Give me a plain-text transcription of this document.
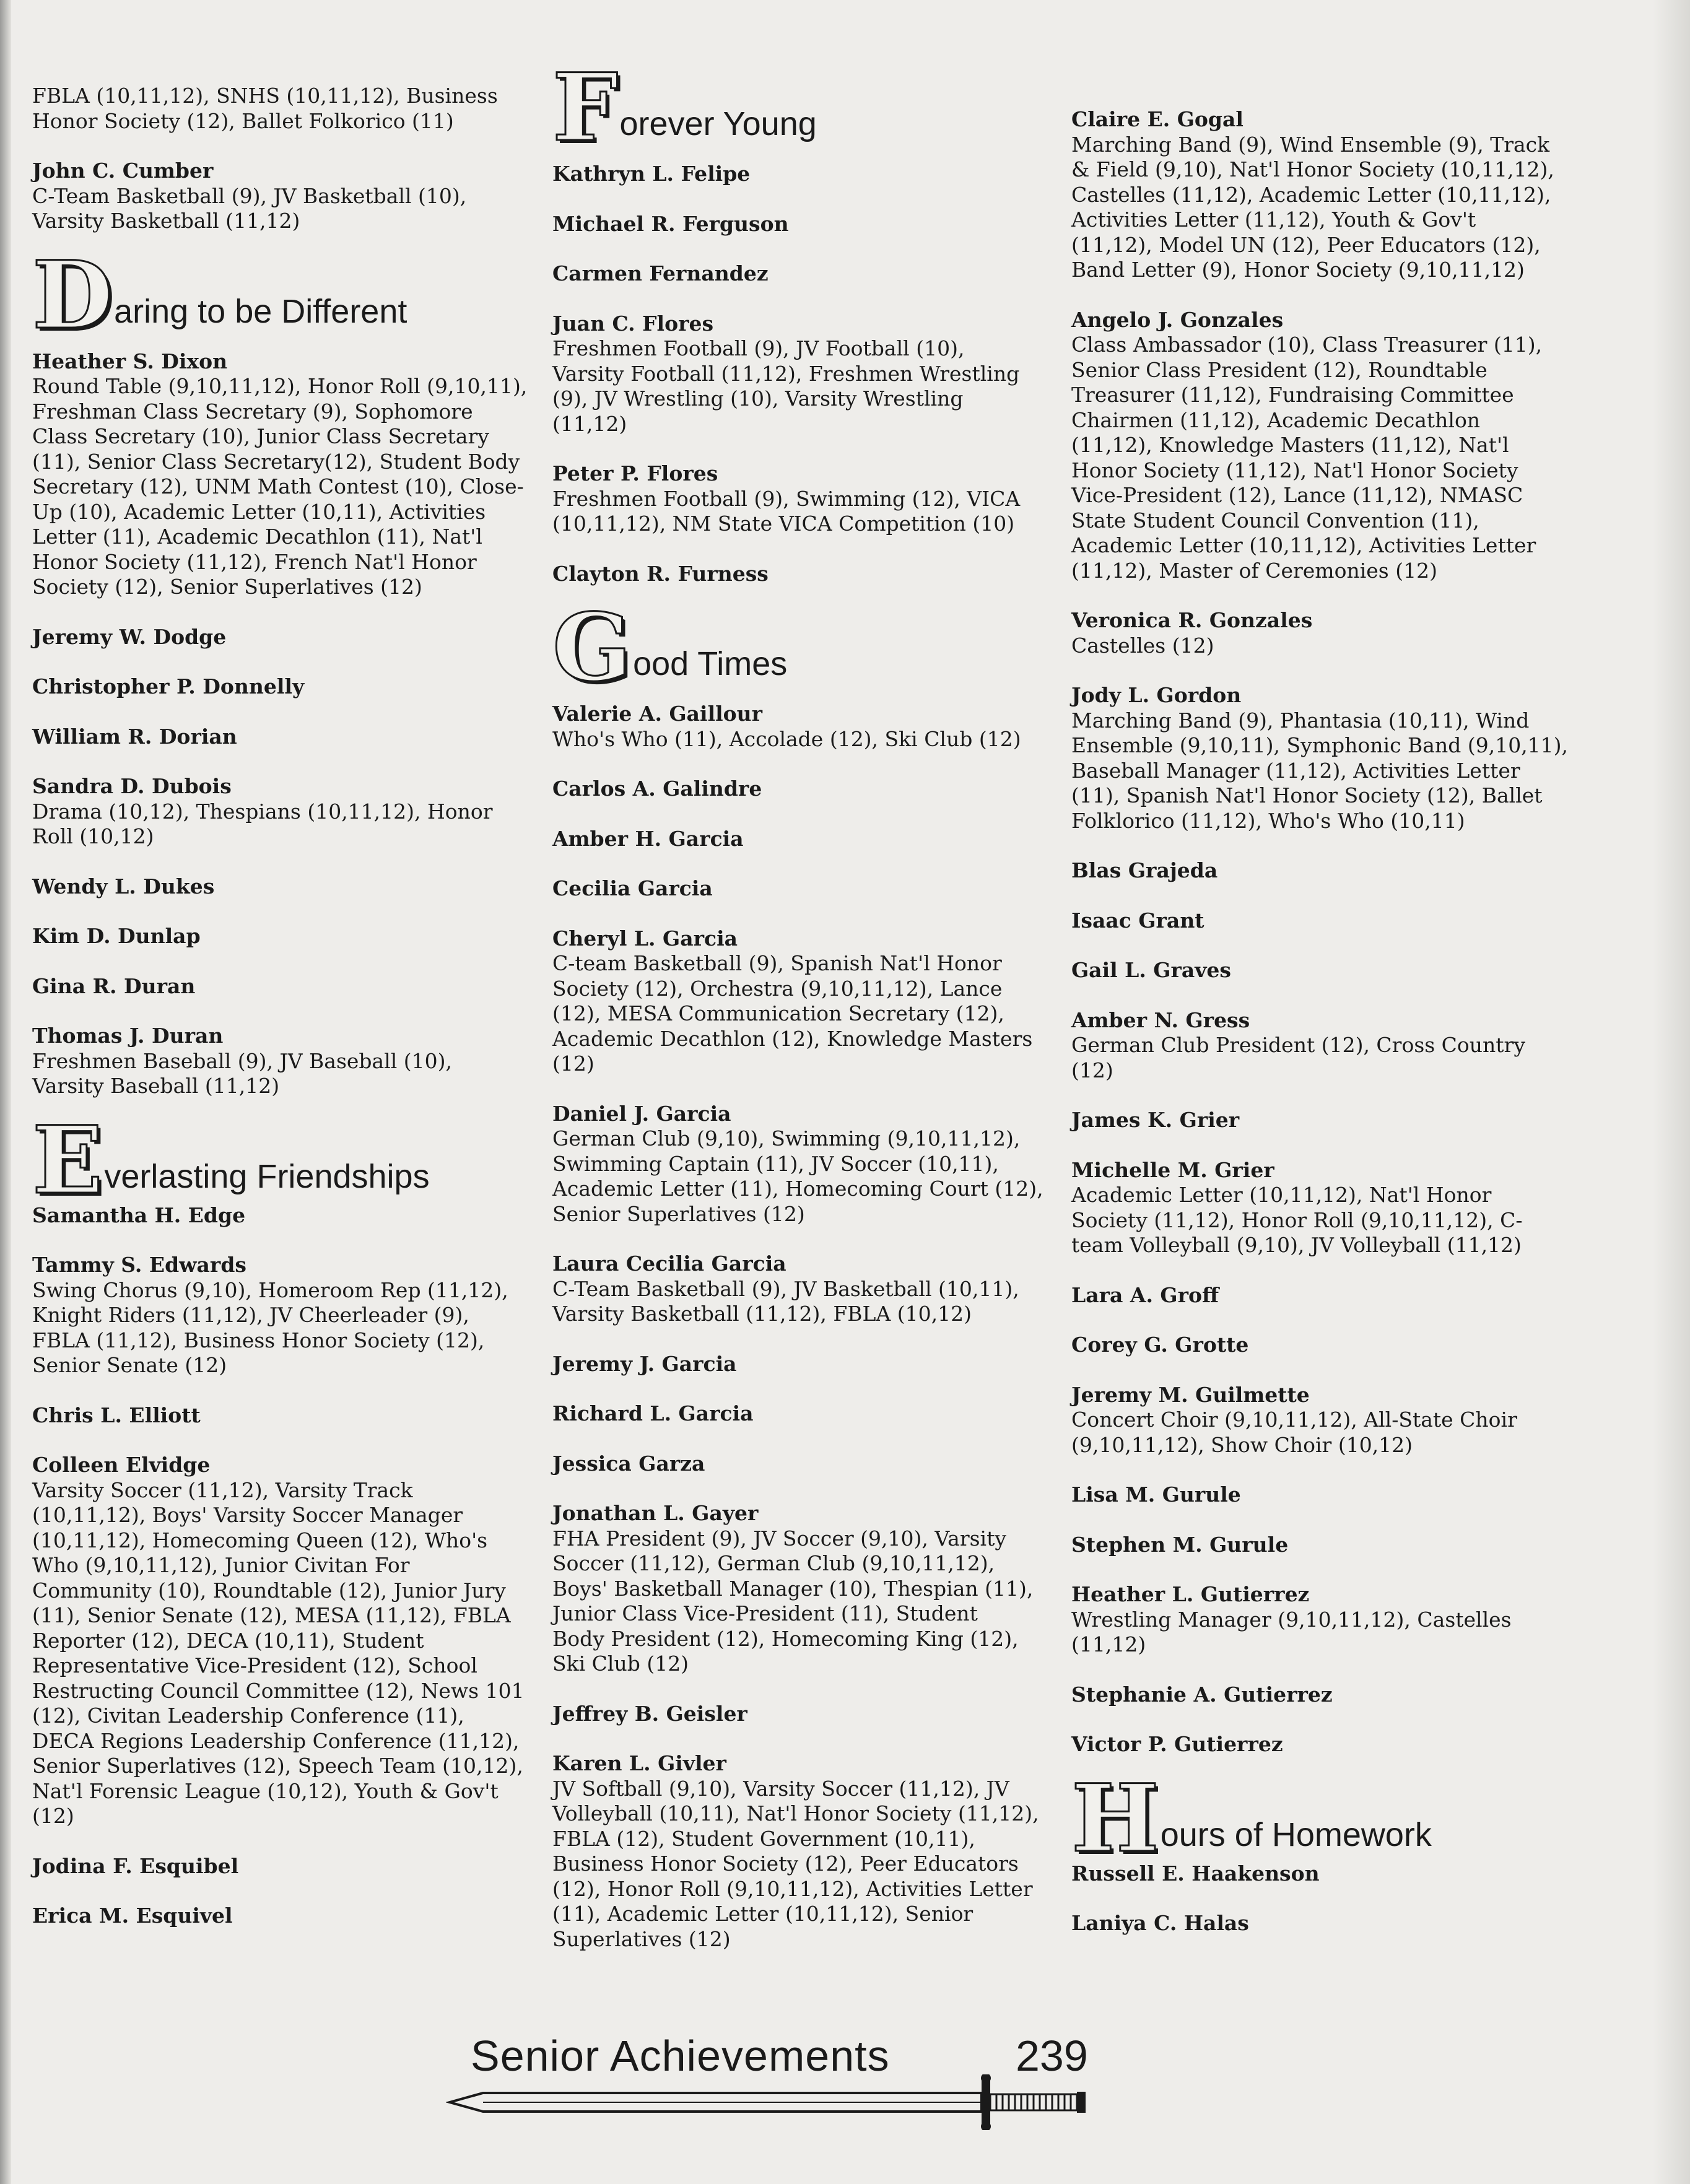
FBLA (10,11,12), SNHS (10,11,12), Business
Honor Society (12), Ballet Folkorico (11)
John C. Cumber
C-Team Basketball (9), JV Basketball (10),
Varsity Basketball (11,12)
D aring to be Different
Heather S. Dixon
Round Table (9,10,11,12), Honor Roll (9,10,11),
Freshman Class Secretary (9), Sophomore
Class Secretary (10), Junior Class Secretary
(11), Senior Class Secretary(12), Student Body
Secretary (12), UNM Math Contest (10), Close-
Up (10), Academic Letter (10,11), Activities
Letter (11), Academic Decathlon (11), Nat'l
Honor Society (11,12), French Nat'l Honor
Society (12), Senior Superlatives (12)
Jeremy W. Dodge
Christopher P. Donnelly
William R. Dorian
Sandra D. Dubois
Drama (10,12), Thespians (10,11,12), Honor
Roll (10,12)
Wendy L. Dukes
Kim D. Dunlap
Gina R. Duran
Thomas J. Duran
Freshmen Baseball (9), JV Baseball (10),
Varsity Baseball (11,12)
E verlasting Friendships
Samantha H. Edge
Tammy S. Edwards
Swing Chorus (9,10), Homeroom Rep (11,12),
Knight Riders (11,12), JV Cheerleader (9),
FBLA (11,12), Business Honor Society (12),
Senior Senate (12)
Chris L. Elliott
Colleen Elvidge
Varsity Soccer (11,12), Varsity Track
(10,11,12), Boys' Varsity Soccer Manager
(10,11,12), Homecoming Queen (12), Who's
Who (9,10,11,12), Junior Civitan For
Community (10), Roundtable (12), Junior Jury
(11), Senior Senate (12), MESA (11,12), FBLA
Reporter (12), DECA (10,11), Student
Representative Vice-President (12), School
Restructing Council Committee (12), News 101
(12), Civitan Leadership Conference (11),
DECA Regions Leadership Conference (11,12),
Senior Superlatives (12), Speech Team (10,12),
Nat'l Forensic League (10,12), Youth & Gov't
(12)
Jodina F. Esquibel
Erica M. Esquivel
F orever Young
Kathryn L. Felipe
Michael R. Ferguson
Carmen Fernandez
Juan C. Flores
Freshmen Football (9), JV Football (10),
Varsity Football (11,12), Freshmen Wrestling
(9), JV Wrestling (10), Varsity Wrestling
(11,12)
Peter P. Flores
Freshmen Football (9), Swimming (12), VICA
(10,11,12), NM State VICA Competition (10)
Clayton R. Furness
G ood Times
Valerie A. Gaillour
Who's Who (11), Accolade (12), Ski Club (12)
Carlos A. Galindre
Amber H. Garcia
Cecilia Garcia
Cheryl L. Garcia
C-team Basketball (9), Spanish Nat'l Honor
Society (12), Orchestra (9,10,11,12), Lance
(12), MESA Communication Secretary (12),
Academic Decathlon (12), Knowledge Masters
(12)
Daniel J. Garcia
German Club (9,10), Swimming (9,10,11,12),
Swimming Captain (11), JV Soccer (10,11),
Academic Letter (11), Homecoming Court (12),
Senior Superlatives (12)
Laura Cecilia Garcia
C-Team Basketball (9), JV Basketball (10,11),
Varsity Basketball (11,12), FBLA (10,12)
Jeremy J. Garcia
Richard L. Garcia
Jessica Garza
Jonathan L. Gayer
FHA President (9), JV Soccer (9,10), Varsity
Soccer (11,12), German Club (9,10,11,12),
Boys' Basketball Manager (10), Thespian (11),
Junior Class Vice-President (11), Student
Body President (12), Homecoming King (12),
Ski Club (12)
Jeffrey B. Geisler
Karen L. Givler
JV Softball (9,10), Varsity Soccer (11,12), JV
Volleyball (10,11), Nat'l Honor Society (11,12),
FBLA (12), Student Government (10,11),
Business Honor Society (12), Peer Educators
(12), Honor Roll (9,10,11,12), Activities Letter
(11), Academic Letter (10,11,12), Senior
Superlatives (12)
Claire E. Gogal
Marching Band (9), Wind Ensemble (9), Track
& Field (9,10), Nat'l Honor Society (10,11,12),
Castelles (11,12), Academic Letter (10,11,12),
Activities Letter (11,12), Youth & Gov't
(11,12), Model UN (12), Peer Educators (12),
Band Letter (9), Honor Society (9,10,11,12)
Angelo J. Gonzales
Class Ambassador (10), Class Treasurer (11),
Senior Class President (12), Roundtable
Treasurer (11,12), Fundraising Committee
Chairmen (11,12), Academic Decathlon
(11,12), Knowledge Masters (11,12), Nat'l
Honor Society (11,12), Nat'l Honor Society
Vice-President (12), Lance (11,12), NMASC
State Student Council Convention (11),
Academic Letter (10,11,12), Activities Letter
(11,12), Master of Ceremonies (12)
Veronica R. Gonzales
Castelles (12)
Jody L. Gordon
Marching Band (9), Phantasia (10,11), Wind
Ensemble (9,10,11), Symphonic Band (9,10,11),
Baseball Manager (11,12), Activities Letter
(11), Spanish Nat'l Honor Society (12), Ballet
Folklorico (11,12), Who's Who (10,11)
Blas Grajeda
Isaac Grant
Gail L. Graves
Amber N. Gress
German Club President (12), Cross Country
(12)
James K. Grier
Michelle M. Grier
Academic Letter (10,11,12), Nat'l Honor
Society (11,12), Honor Roll (9,10,11,12), C-
team Volleyball (9,10), JV Volleyball (11,12)
Lara A. Groff
Corey G. Grotte
Jeremy M. Guilmette
Concert Choir (9,10,11,12), All-State Choir
(9,10,11,12), Show Choir (10,12)
Lisa M. Gurule
Stephen M. Gurule
Heather L. Gutierrez
Wrestling Manager (9,10,11,12), Castelles
(11,12)
Stephanie A. Gutierrez
Victor P. Gutierrez
H ours of Homework
Russell E. Haakenson
Laniya C. Halas
Senior Achievements	239
